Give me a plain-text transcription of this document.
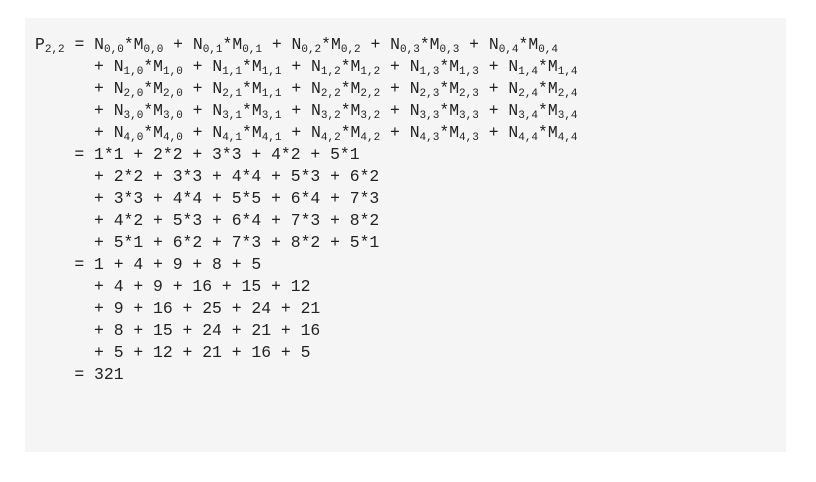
$P_{2,2} = N_{0,0}*M_{0,0} + N_{0,1}*M_{0,1} + N_{0,2}*M_{0,2} + N_{0,3}*M_{0,3} + N_{0,4}*M_{0,4}$
+ $N_{1,0}*M_{1,0} + N_{1,1}*M_{1,1} + N_{1,2}*M_{1,2} + N_{1,3}*M_{1,3} + N_{1,4}*M_{1,4}$
+ $N_{2,0}*M_{2,0} + N_{2,1}*M_{1,1} + N_{2,2}*M_{2,2} + N_{2,3}*M_{2,3} + N_{2,4}*M_{2,4}$
+ $N_{3,0}*M_{3,0} + N_{3,1}*M_{3,1} + N_{3,2}*M_{3,2} + N_{3,3}*M_{3,3} + N_{3,4}*M_{3,4}$
+ $N_{4,0}*M_{4,0} + N_{4,1}*M_{4,1} + N_{4,2}*M_{4,2} + N_{4,3}*M_{4,3} + N_{4,4}*M_{4,4}$
= 1*1 + 2*2 + 3*3 + 4*2 + 5*1
+ 2*2 + 3*3 + 4*4 + 5*3 + 6*2
+ 3*3 + 4*4 + 5*5 + 6*4 + 7*3
+ 4*2 + 5*3 + 6*4 + 7*3 + 8*2
+ 5*1 + 6*2 + 7*3 + 8*2 + 5*1
= 1 + 4 + 9 + 8 + 5
+ 4 + 9 + 16 + 15 + 12
+ 9 + 16 + 25 + 24 + 21
+ 8 + 15 + 24 + 21 + 16
+ 5 + 12 + 21 + 16 + 5
= 321
